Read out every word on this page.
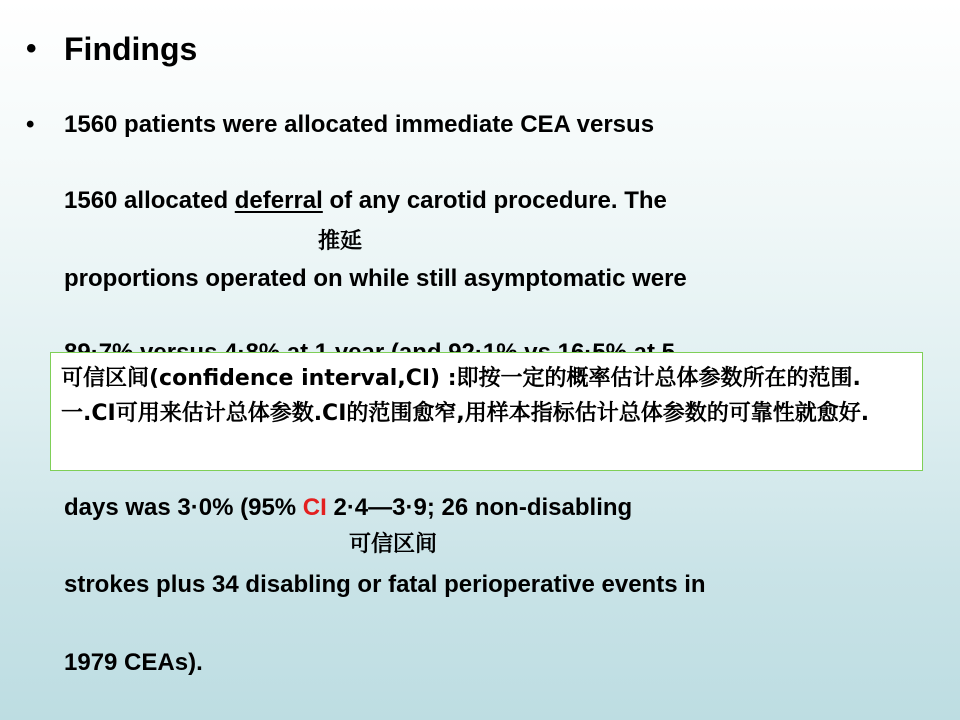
• Findings
• 1560 patients were allocated immediate CEA versus
1560 allocated deferral of any carotid procedure. The
推延
proportions operated on while still asymptomatic were
days was 3·0% (95% CI 2·4—3·9; 26 non-disabling
可信区间
strokes plus 34 disabling or fatal perioperative events in
1979 CEAs).

可信区间(confidence interval,CI) :即按一定的概率估计总体参数所在的范围. 一.CI可用来估计总体参数.CI的范围愈窄,用样本指标估计总体参数的可靠性就愈好.
